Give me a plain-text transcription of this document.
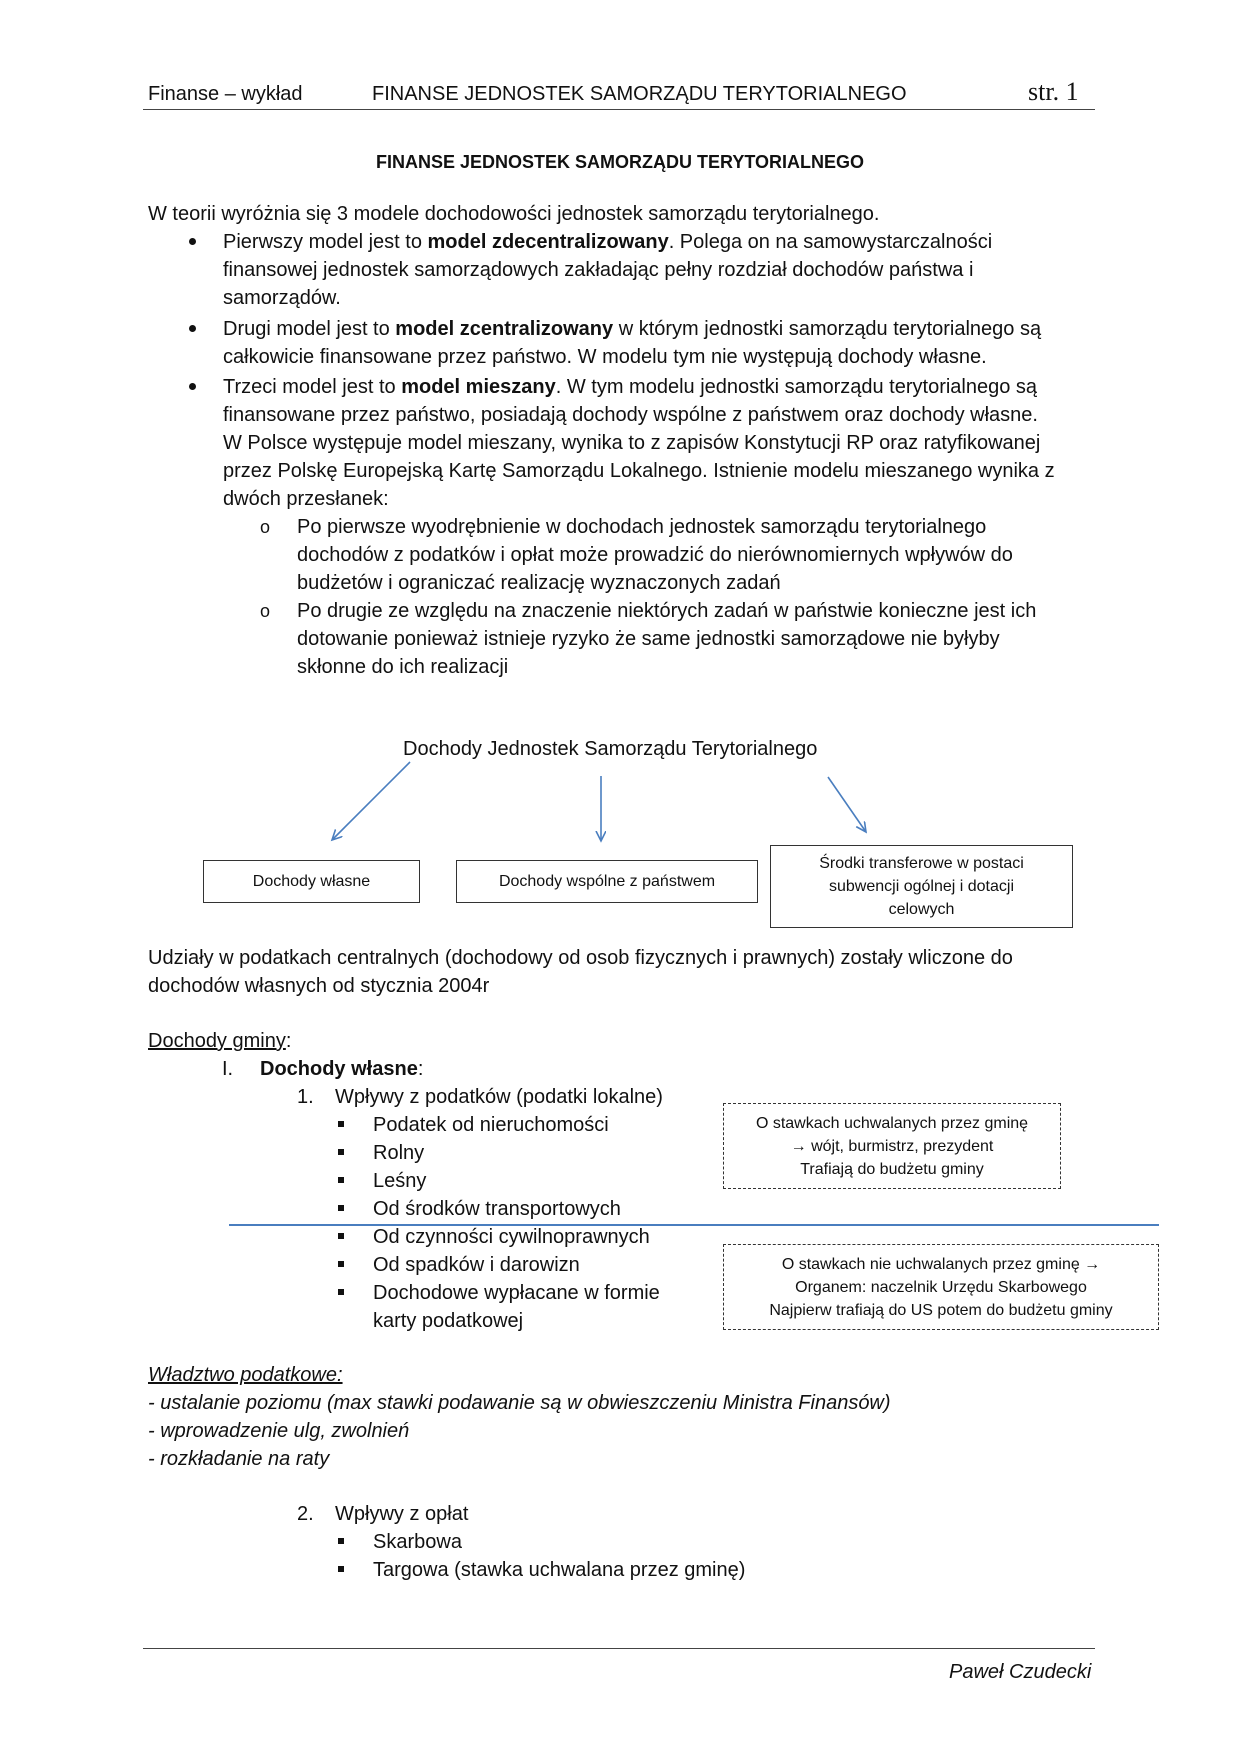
Finanse – wykład	FINANSE JEDNOSTEK SAMORZĄDU TERYTORIALNEGO	str. 1
FINANSE JEDNOSTEK SAMORZĄDU TERYTORIALNEGO
W teorii wyróżnia się 3 modele dochodowości jednostek samorządu terytorialnego.
Pierwszy model jest to model zdecentralizowany. Polega on na samowystarczalności
finansowej jednostek samorządowych zakładając pełny rozdział dochodów państwa i
samorządów.
Drugi model jest to model zcentralizowany w którym jednostki samorządu terytorialnego są
całkowicie finansowane przez państwo. W modelu tym nie występują dochody własne.
Trzeci model jest to model mieszany. W tym modelu jednostki samorządu terytorialnego są
finansowane przez państwo, posiadają dochody wspólne z państwem oraz dochody własne.
W Polsce występuje model mieszany, wynika to z zapisów Konstytucji RP oraz ratyfikowanej
przez Polskę Europejską Kartę Samorządu Lokalnego. Istnienie modelu mieszanego wynika z
dwóch przesłanek:
o Po pierwsze wyodrębnienie w dochodach jednostek samorządu terytorialnego
dochodów z podatków i opłat może prowadzić do nierównomiernych wpływów do
budżetów i ograniczać realizację wyznaczonych zadań
o Po drugie ze względu na znaczenie niektórych zadań w państwie konieczne jest ich
dotowanie ponieważ istnieje ryzyko że same jednostki samorządowe nie byłyby
skłonne do ich realizacji
Dochody Jednostek Samorządu Terytorialnego
Dochody własne	Dochody wspólne z państwem
Środki transferowe w postaci
subwencji ogólnej i dotacji
celowych
Udziały w podatkach centralnych (dochodowy od osob fizycznych i prawnych) zostały wliczone do
dochodów własnych od stycznia 2004r
Dochody gminy:
I. Dochody własne:
1. Wpływy z podatków (podatki lokalne)
Podatek od nieruchomości
Rolny
Leśny
Od środków transportowych
Od czynności cywilnoprawnych
Od spadków i darowizn
Dochodowe wypłacane w formie
karty podatkowej
O stawkach uchwalanych przez gminę
→ wójt, burmistrz, prezydent
Trafiają do budżetu gminy
O stawkach nie uchwalanych przez gminę →
Organem: naczelnik Urzędu Skarbowego
Najpierw trafiają do US potem do budżetu gminy
Władztwo podatkowe:
- ustalanie poziomu (max stawki podawanie są w obwieszczeniu Ministra Finansów)
- wprowadzenie ulg, zwolnień
- rozkładanie na raty
2. Wpływy z opłat
Skarbowa
Targowa (stawka uchwalana przez gminę)
Paweł Czudecki
